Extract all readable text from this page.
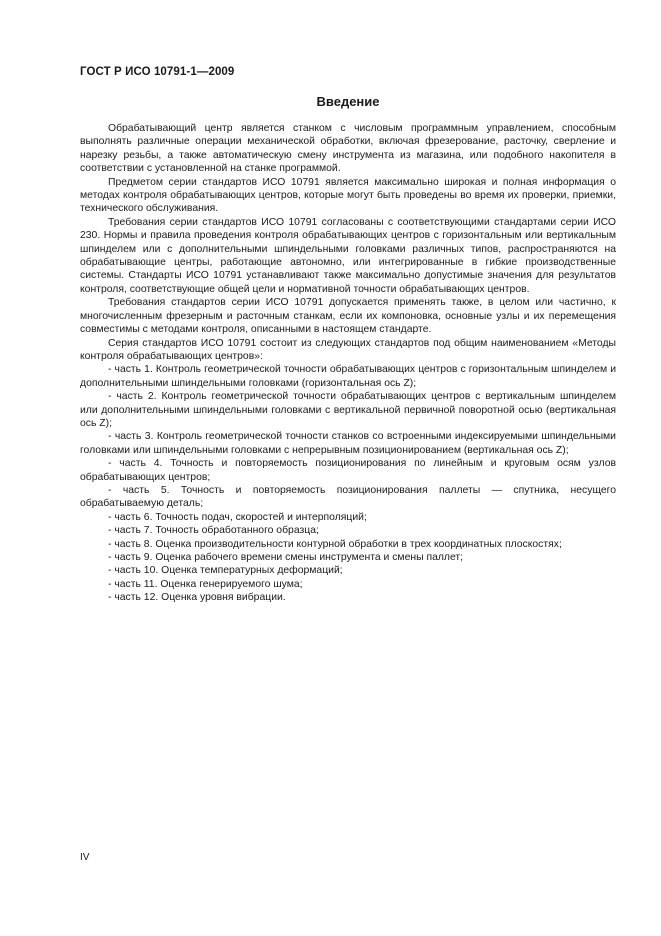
ГОСТ Р ИСО 10791-1—2009
Введение

Обрабатывающий центр является станком с числовым программным управлением, способным выполнять различные операции механической обработки, включая фрезерование, расточку, сверление и нарезку резьбы, а также автоматическую смену инструмента из магазина, или подобного накопителя в соответствии с установленной на станке программой.

Предметом серии стандартов ИСО 10791 является максимально широкая и полная информация о методах контроля обрабатывающих центров, которые могут быть проведены во время их проверки, приемки, технического обслуживания.

Требования серии стандартов ИСО 10791 согласованы с соответствующими стандартами серии ИСО 230. Нормы и правила проведения контроля обрабатывающих центров с горизонтальным или вертикальным шпинделем или с дополнительными шпиндельными головками различных типов, распространяются на обрабатывающие центры, работающие автономно, или интегрированные в гибкие производственные системы. Стандарты ИСО 10791 устанавливают также максимально допустимые значения для результатов контроля, соответствующие общей цели и нормативной точности обрабатывающих центров.

Требования стандартов серии ИСО 10791 допускается применять также, в целом или частично, к многочисленным фрезерным и расточным станкам, если их компоновка, основные узлы и их перемещения совместимы с методами контроля, описанными в настоящем стандарте.

Серия стандартов ИСО 10791 состоит из следующих стандартов под общим наименованием «Методы контроля обрабатывающих центров»:

- часть 1. Контроль геометрической точности обрабатывающих центров с горизонтальным шпинделем и дополнительными шпиндельными головками (горизонтальная ось Z);
- часть 2. Контроль геометрической точности обрабатывающих центров с вертикальным шпинделем или дополнительными шпиндельными головками с вертикальной первичной поворотной осью (вертикальная ось Z);
- часть 3. Контроль геометрической точности станков со встроенными индексируемыми шпиндельными головками или шпиндельными головками с непрерывным позиционированием (вертикальная ось Z);
- часть 4. Точность и повторяемость позиционирования по линейным и круговым осям узлов обрабатывающих центров;
- часть 5. Точность и повторяемость позиционирования паллеты — спутника, несущего обрабатываемую деталь;
- часть 6. Точность подач, скоростей и интерполяций;
- часть 7. Точность обработанного образца;
- часть 8. Оценка производительности контурной обработки в трех координатных плоскостях;
- часть 9. Оценка рабочего времени смены инструмента и смены паллет;
- часть 10. Оценка температурных деформаций;
- часть 11. Оценка генерируемого шума;
- часть 12. Оценка уровня вибрации.
IV
